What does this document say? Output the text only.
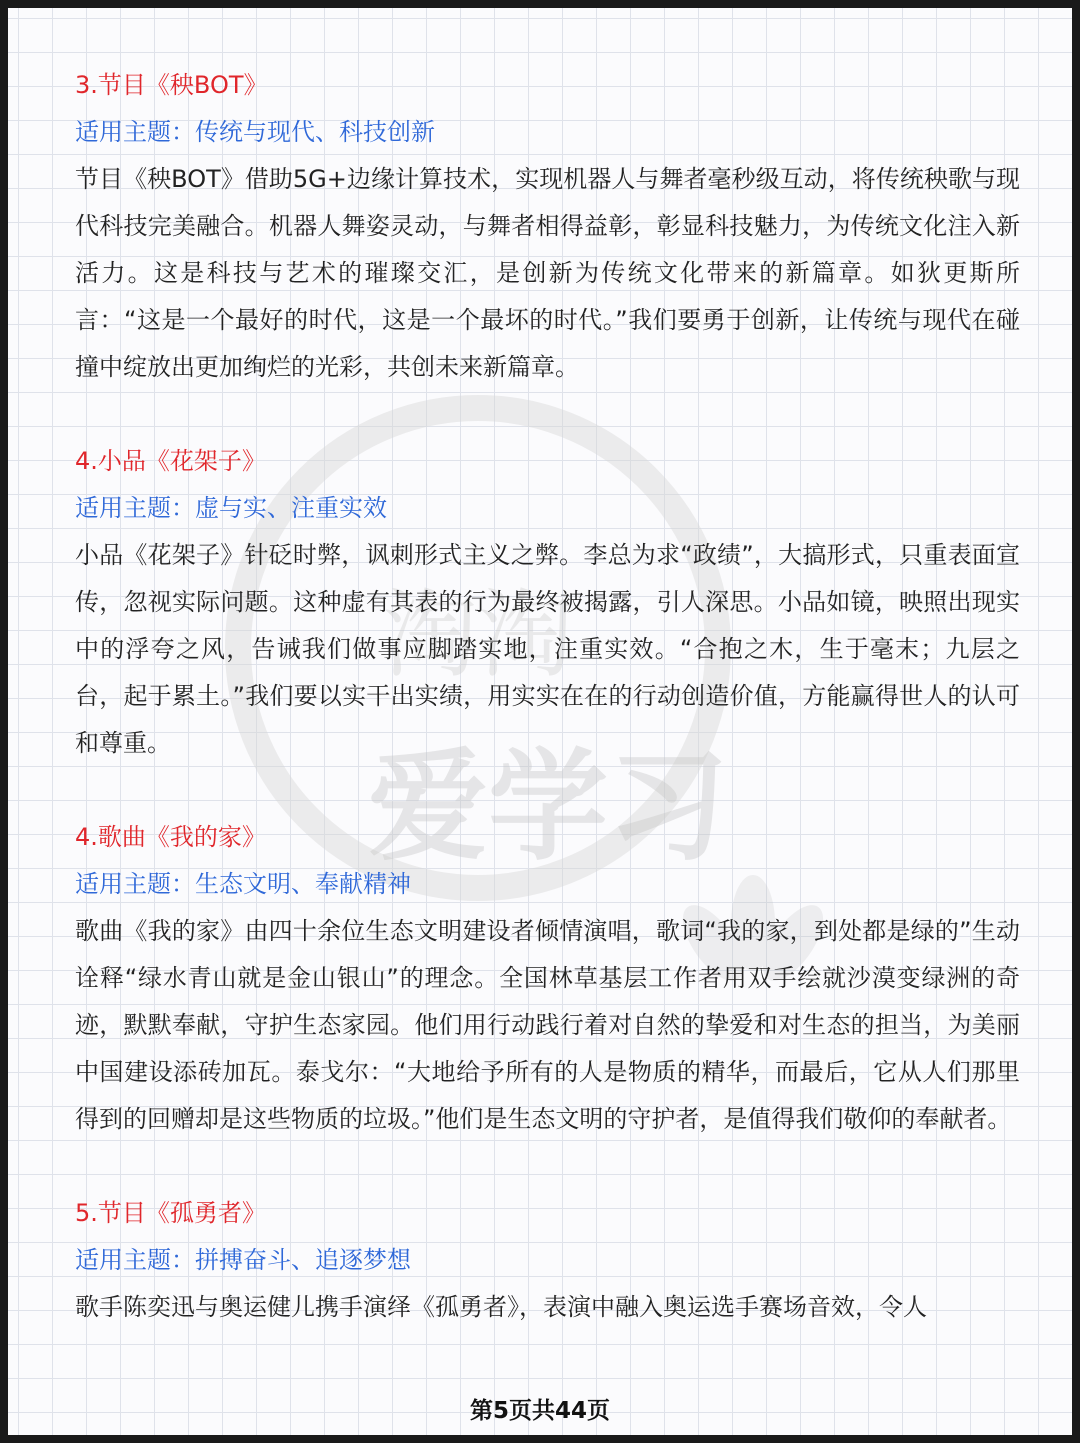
淘淘
爱学习

3.节目《秧BOT》

适用主题：传统与现代、科技创新

节目《秧BOT》借助5G+边缘计算技术，实现机器人与舞者毫秒级互动，将传统秧歌与现代科技完美融合。机器人舞姿灵动，与舞者相得益彰，彰显科技魅力，为传统文化注入新活力。这是科技与艺术的璀璨交汇，是创新为传统文化带来的新篇章。如狄更斯所言：“这是一个最好的时代，这是一个最坏的时代。”我们要勇于创新，让传统与现代在碰撞中绽放出更加绚烂的光彩，共创未来新篇章。

4.小品《花架子》

适用主题：虚与实、注重实效

小品《花架子》针砭时弊，讽刺形式主义之弊。李总为求“政绩”，大搞形式，只重表面宣传，忽视实际问题。这种虚有其表的行为最终被揭露，引人深思。小品如镜，映照出现实中的浮夸之风，告诫我们做事应脚踏实地，注重实效。“合抱之木，生于毫末；九层之台，起于累土。”我们要以实干出实绩，用实实在在的行动创造价值，方能赢得世人的认可和尊重。

4.歌曲《我的家》

适用主题：生态文明、奉献精神

歌曲《我的家》由四十余位生态文明建设者倾情演唱，歌词“我的家，到处都是绿的”生动诠释“绿水青山就是金山银山”的理念。全国林草基层工作者用双手绘就沙漠变绿洲的奇迹，默默奉献，守护生态家园。他们用行动践行着对自然的挚爱和对生态的担当，为美丽中国建设添砖加瓦。泰戈尔：“大地给予所有的人是物质的精华，而最后，它从人们那里得到的回赠却是这些物质的垃圾。”他们是生态文明的守护者，是值得我们敬仰的奉献者。

5.节目《孤勇者》

适用主题：拼搏奋斗、追逐梦想

歌手陈奕迅与奥运健儿携手演绎《孤勇者》，表演中融入奥运选手赛场音效，令人

第5页共44页
